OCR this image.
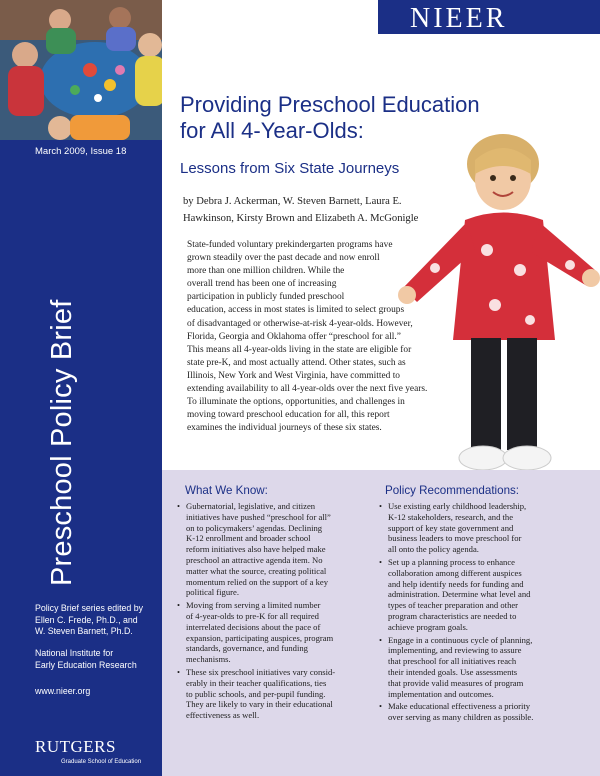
March 2009, Issue 18
Preschool Policy Brief
Policy Brief series edited by
Ellen C. Frede, Ph.D., and
W. Steven Barnett, Ph.D.
National Institute for
Early Education Research
www.nieer.org
RUTGERS
Graduate School of Education
NIEER
Providing Preschool Education
for All 4-Year-Olds:
Lessons from Six State Journeys
by Debra J. Ackerman, W. Steven Barnett, Laura E.
Hawkinson, Kirsty Brown and Elizabeth A. McGonigle
State-funded voluntary prekindergarten programs have
grown steadily over the past decade and now enroll
more than one million children. While the
overall trend has been one of increasing
participation in publicly funded preschool
education, access in most states is limited to select groups
of disadvantaged or otherwise-at-risk 4-year-olds. However,
Florida, Georgia and Oklahoma offer “preschool for all.”
This means all 4-year-olds living in the state are eligible for
state pre-K, and most actually attend. Other states, such as
Illinois, New York and West Virginia, have committed to
extending availability to all 4-year-olds over the next five years.
To illuminate the options, opportunities, and challenges in
moving toward preschool education for all, this report
examines the individual journeys of these six states.
What We Know:
• Gubernatorial, legislative, and citizen
initiatives have pushed “preschool for all”
on to policymakers’ agendas. Declining
K-12 enrollment and broader school
reform initiatives also have helped make
preschool an attractive agenda item. No
matter what the source, creating political
momentum relied on the support of a key
political figure.
• Moving from serving a limited number
of 4-year-olds to pre-K for all required
interrelated decisions about the pace of
expansion, participating auspices, program
standards, governance, and funding
mechanisms.
• These six preschool initiatives vary consid-
erably in their teacher qualifications, ties
to public schools, and per-pupil funding.
They are likely to vary in their educational
effectiveness as well.
Policy Recommendations:
• Use existing early childhood leadership,
K-12 stakeholders, research, and the
support of key state government and
business leaders to move preschool for
all onto the policy agenda.
• Set up a planning process to enhance
collaboration among different auspices
and help identify needs for funding and
administration. Determine what level and
types of teacher preparation and other
program characteristics are needed to
achieve program goals.
• Engage in a continuous cycle of planning,
implementing, and reviewing to assure
that preschool for all initiatives reach
their intended goals. Use assessments
that provide valid measures of program
implementation and outcomes.
• Make educational effectiveness a priority
over serving as many children as possible.
